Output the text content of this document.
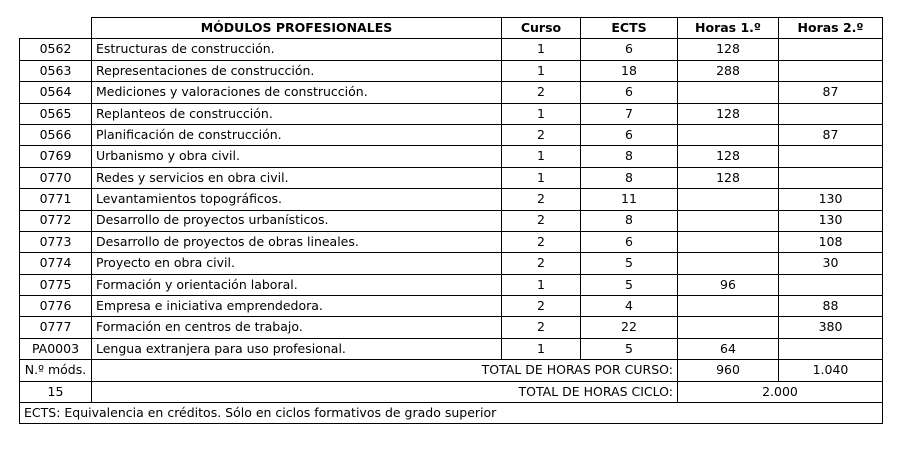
	MÓDULOS PROFESIONALES	Curso	ECTS	Horas 1.º	Horas 2.º
0562	Estructuras de construcción.	1	6	128	
0563	Representaciones de construcción.	1	18	288	
0564	Mediciones y valoraciones de construcción.	2	6		87
0565	Replanteos de construcción.	1	7	128	
0566	Planificación de construcción.	2	6		87
0769	Urbanismo y obra civil.	1	8	128	
0770	Redes y servicios en obra civil.	1	8	128	
0771	Levantamientos topográficos.	2	11		130
0772	Desarrollo de proyectos urbanísticos.	2	8		130
0773	Desarrollo de proyectos de obras lineales.	2	6		108
0774	Proyecto en obra civil.	2	5		30
0775	Formación y orientación laboral.	1	5	96	
0776	Empresa e iniciativa emprendedora.	2	4		88
0777	Formación en centros de trabajo.	2	22		380
PA0003	Lengua extranjera para uso profesional.	1	5	64	
N.º móds.	TOTAL DE HORAS POR CURSO:			960	1.040
15	TOTAL DE HORAS CICLO:			2.000	
ECTS: Equivalencia en créditos. Sólo en ciclos formativos de grado superior					
